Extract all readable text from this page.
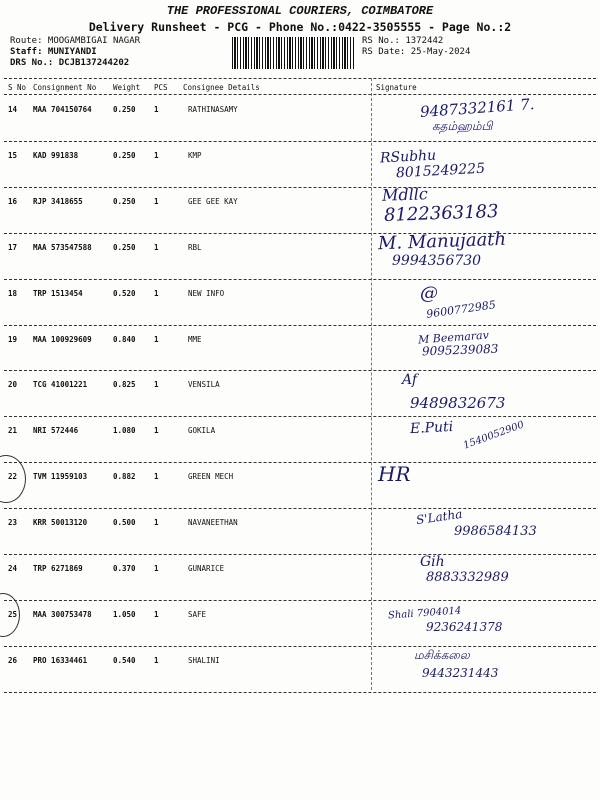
THE PROFESSIONAL COURIERS, COIMBATORE
Delivery Runsheet - PCG - Phone No.:0422-3505555 - Page No.:2
Route: MOOGAMBIGAI NAGAR
Staff: MUNIYANDI
DRS No.: DCJB137244202
RS No.: 1372442
RS Date: 25-May-2024
S No Consignment No Weight PCS Consignee Details	Signature
14 MAA 704150764	0.250 1	RATHINASAMY	9487332161 7.
கதம்ஹம்பி
15 KAD 991838	0.250 1	KMP	RSubhu
8015249225
16 RJP 3418655	0.250 1	GEE GEE KAY	Mdllc
8122363183
17 MAA 573547588	0.250 1	RBL	M. Manujaath
9994356730
18 TRP 1513454	0.520 1	NEW INFO	@
9600772985
19 MAA 100929609	0.840 1	MME	M Beemarav
9095239083
20 TCG 41001221	0.825 1	VENSILA	Af
9489832673
21 NRI 572446	1.080 1	GOKILA	E.Puti 1540052900
22 TVM 11959103	0.882 1	GREEN MECH	HR
23 KRR 50013120	0.500 1	NAVANEETHAN	S'Latha
9986584133
24 TRP 6271869	0.370 1	GUNARICE	Gih
8883332989
25 MAA 300753478	1.050 1	SAFE	Shali 7904014
9236241378
26 PRO 16334461	0.540 1	SHALINI	மசிக்கலை
9443231443
